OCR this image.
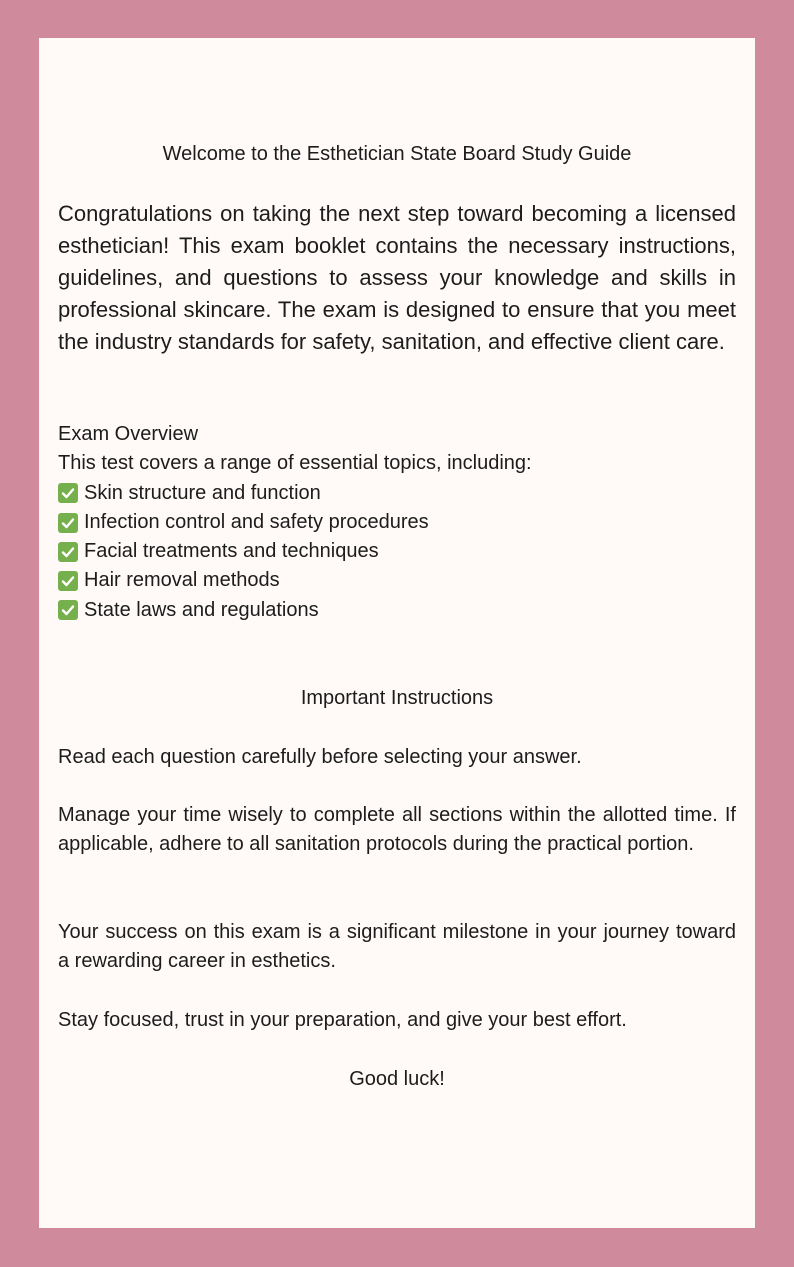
Welcome to the Esthetician State Board Study Guide

Congratulations on taking the next step toward becoming a licensed esthetician! This exam booklet contains the necessary instructions, guidelines, and questions to assess your knowledge and skills in professional skincare. The exam is designed to ensure that you meet the industry standards for safety, sanitation, and effective client care.

Exam Overview
This test covers a range of essential topics, including:
Skin structure and function
Infection control and safety procedures
Facial treatments and techniques
Hair removal methods
State laws and regulations
Important Instructions

Read each question carefully before selecting your answer.

Manage your time wisely to complete all sections within the allotted time. If applicable, adhere to all sanitation protocols during the practical portion.

Your success on this exam is a significant milestone in your journey toward a rewarding career in esthetics.

Stay focused, trust in your preparation, and give your best effort.

Good luck!
